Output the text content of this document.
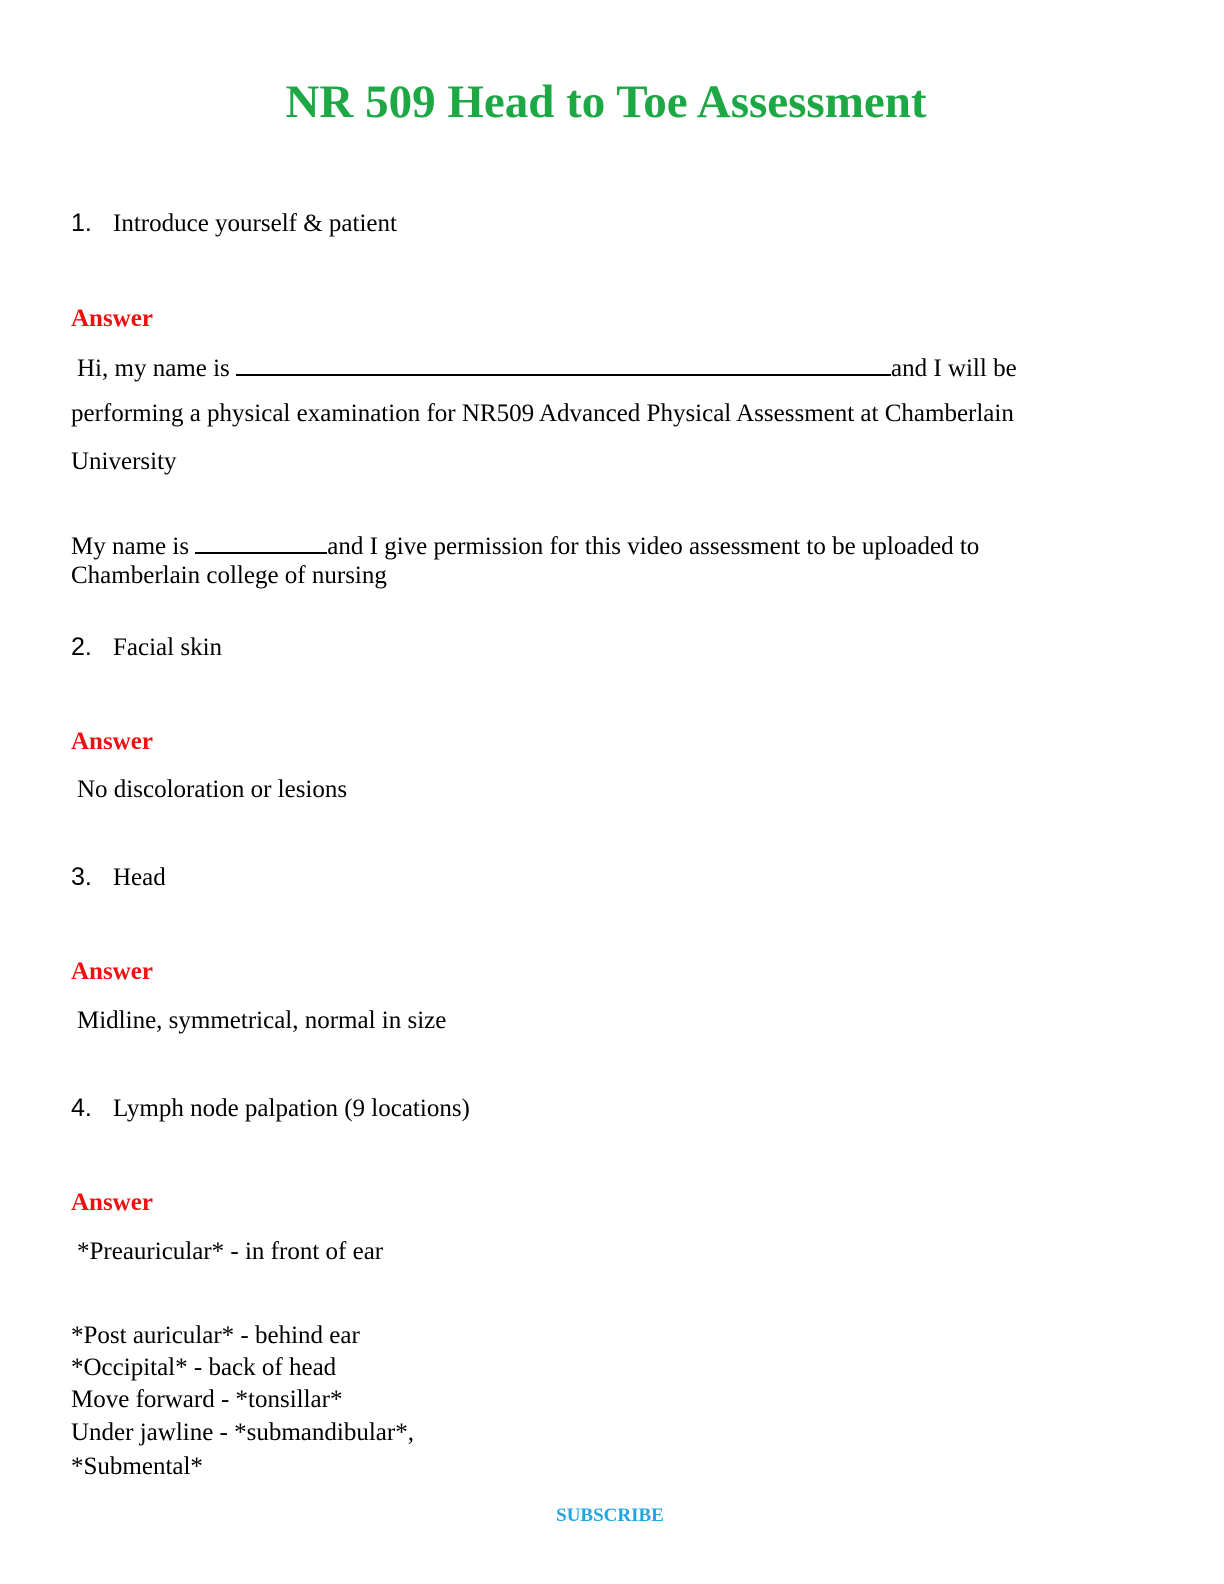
NR 509 Head to Toe Assessment
1. Introduce yourself & patient
Answer
Hi, my name is	and I will be
performing a physical examination for NR509 Advanced Physical Assessment at Chamberlain
University
My name is	and I give permission for this video assessment to be uploaded to
Chamberlain college of nursing
2. Facial skin
Answer
No discoloration or lesions
3. Head
Answer
Midline, symmetrical, normal in size
4. Lymph node palpation (9 locations)
Answer
*Preauricular* - in front of ear
*Post auricular* - behind ear
*Occipital* - back of head
Move forward - *tonsillar*
Under jawline - *submandibular*,
*Submental*
SUBSCRIBE
